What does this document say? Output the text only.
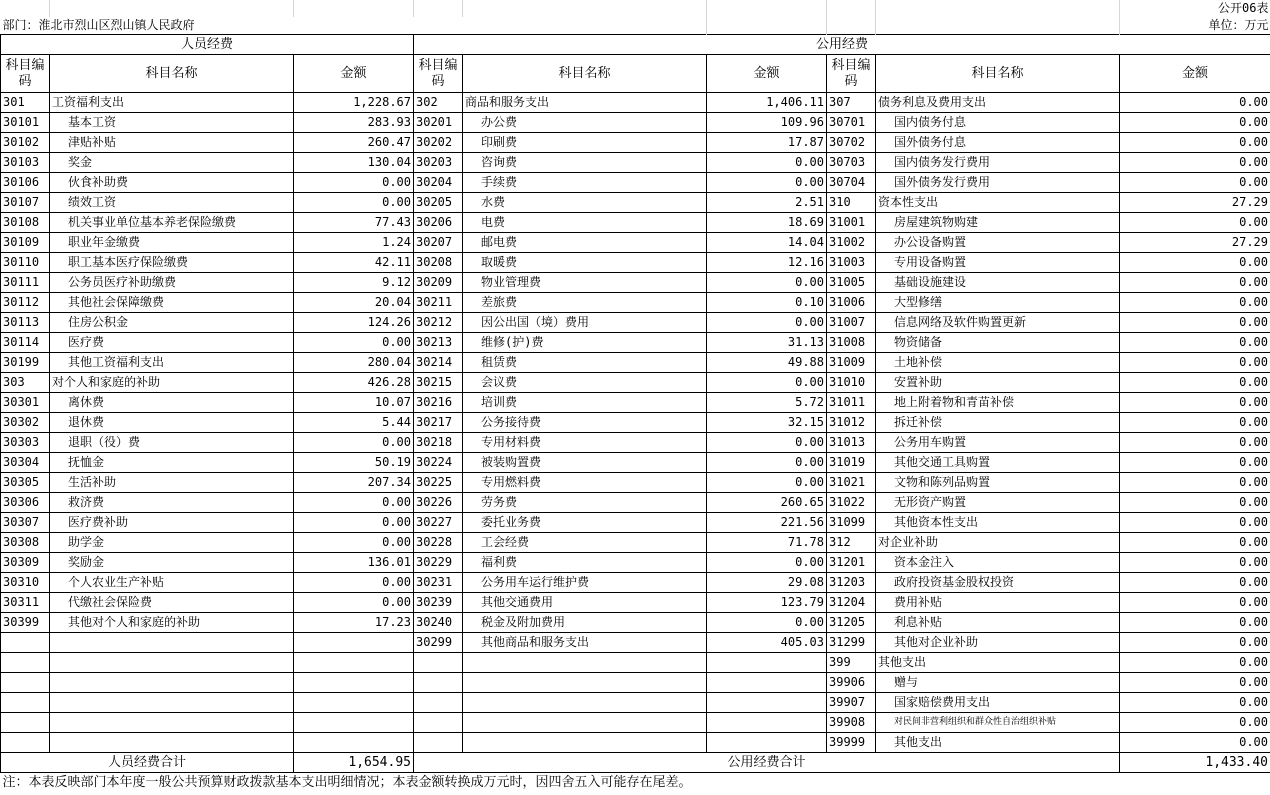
								公开06表
部门：淮北市烈山区烈山镇人民政府								单位：万元
人员经费			公用经费					
科目编码	科目名称	金额	科目编码	科目名称	金额	科目编码	科目名称	金额
301	工资福利支出	1,228.67	302	商品和服务支出	1,406.11	307	债务利息及费用支出	0.00
30101	基本工资	283.93	30201	办公费	109.96	30701	国内债务付息	0.00
30102	津贴补贴	260.47	30202	印刷费	17.87	30702	国外债务付息	0.00
30103	奖金	130.04	30203	咨询费	0.00	30703	国内债务发行费用	0.00
30106	伙食补助费	0.00	30204	手续费	0.00	30704	国外债务发行费用	0.00
30107	绩效工资	0.00	30205	水费	2.51	310	资本性支出	27.29
30108	机关事业单位基本养老保险缴费	77.43	30206	电费	18.69	31001	房屋建筑物购建	0.00
30109	职业年金缴费	1.24	30207	邮电费	14.04	31002	办公设备购置	27.29
30110	职工基本医疗保险缴费	42.11	30208	取暖费	12.16	31003	专用设备购置	0.00
30111	公务员医疗补助缴费	9.12	30209	物业管理费	0.00	31005	基础设施建设	0.00
30112	其他社会保障缴费	20.04	30211	差旅费	0.10	31006	大型修缮	0.00
30113	住房公积金	124.26	30212	因公出国（境）费用	0.00	31007	信息网络及软件购置更新	0.00
30114	医疗费	0.00	30213	维修(护)费	31.13	31008	物资储备	0.00
30199	其他工资福利支出	280.04	30214	租赁费	49.88	31009	土地补偿	0.00
303	对个人和家庭的补助	426.28	30215	会议费	0.00	31010	安置补助	0.00
30301	离休费	10.07	30216	培训费	5.72	31011	地上附着物和青苗补偿	0.00
30302	退休费	5.44	30217	公务接待费	32.15	31012	拆迁补偿	0.00
30303	退职（役）费	0.00	30218	专用材料费	0.00	31013	公务用车购置	0.00
30304	抚恤金	50.19	30224	被装购置费	0.00	31019	其他交通工具购置	0.00
30305	生活补助	207.34	30225	专用燃料费	0.00	31021	文物和陈列品购置	0.00
30306	救济费	0.00	30226	劳务费	260.65	31022	无形资产购置	0.00
30307	医疗费补助	0.00	30227	委托业务费	221.56	31099	其他资本性支出	0.00
30308	助学金	0.00	30228	工会经费	71.78	312	对企业补助	0.00
30309	奖励金	136.01	30229	福利费	0.00	31201	资本金注入	0.00
30310	个人农业生产补贴	0.00	30231	公务用车运行维护费	29.08	31203	政府投资基金股权投资	0.00
30311	代缴社会保险费	0.00	30239	其他交通费用	123.79	31204	费用补贴	0.00
30399	其他对个人和家庭的补助	17.23	30240	税金及附加费用	0.00	31205	利息补贴	0.00
			30299	其他商品和服务支出	405.03	31299	其他对企业补助	0.00
						399	其他支出	0.00
						39906	赠与	0.00
						39907	国家赔偿费用支出	0.00
						39908	对民间非营利组织和群众性自治组织补贴	0.00
						39999	其他支出	0.00
人员经费合计		1,654.95	公用经费合计					1,433.40
注：本表反映部门本年度一般公共预算财政拨款基本支出明细情况；本表金额转换成万元时，因四舍五入可能存在尾差。								
